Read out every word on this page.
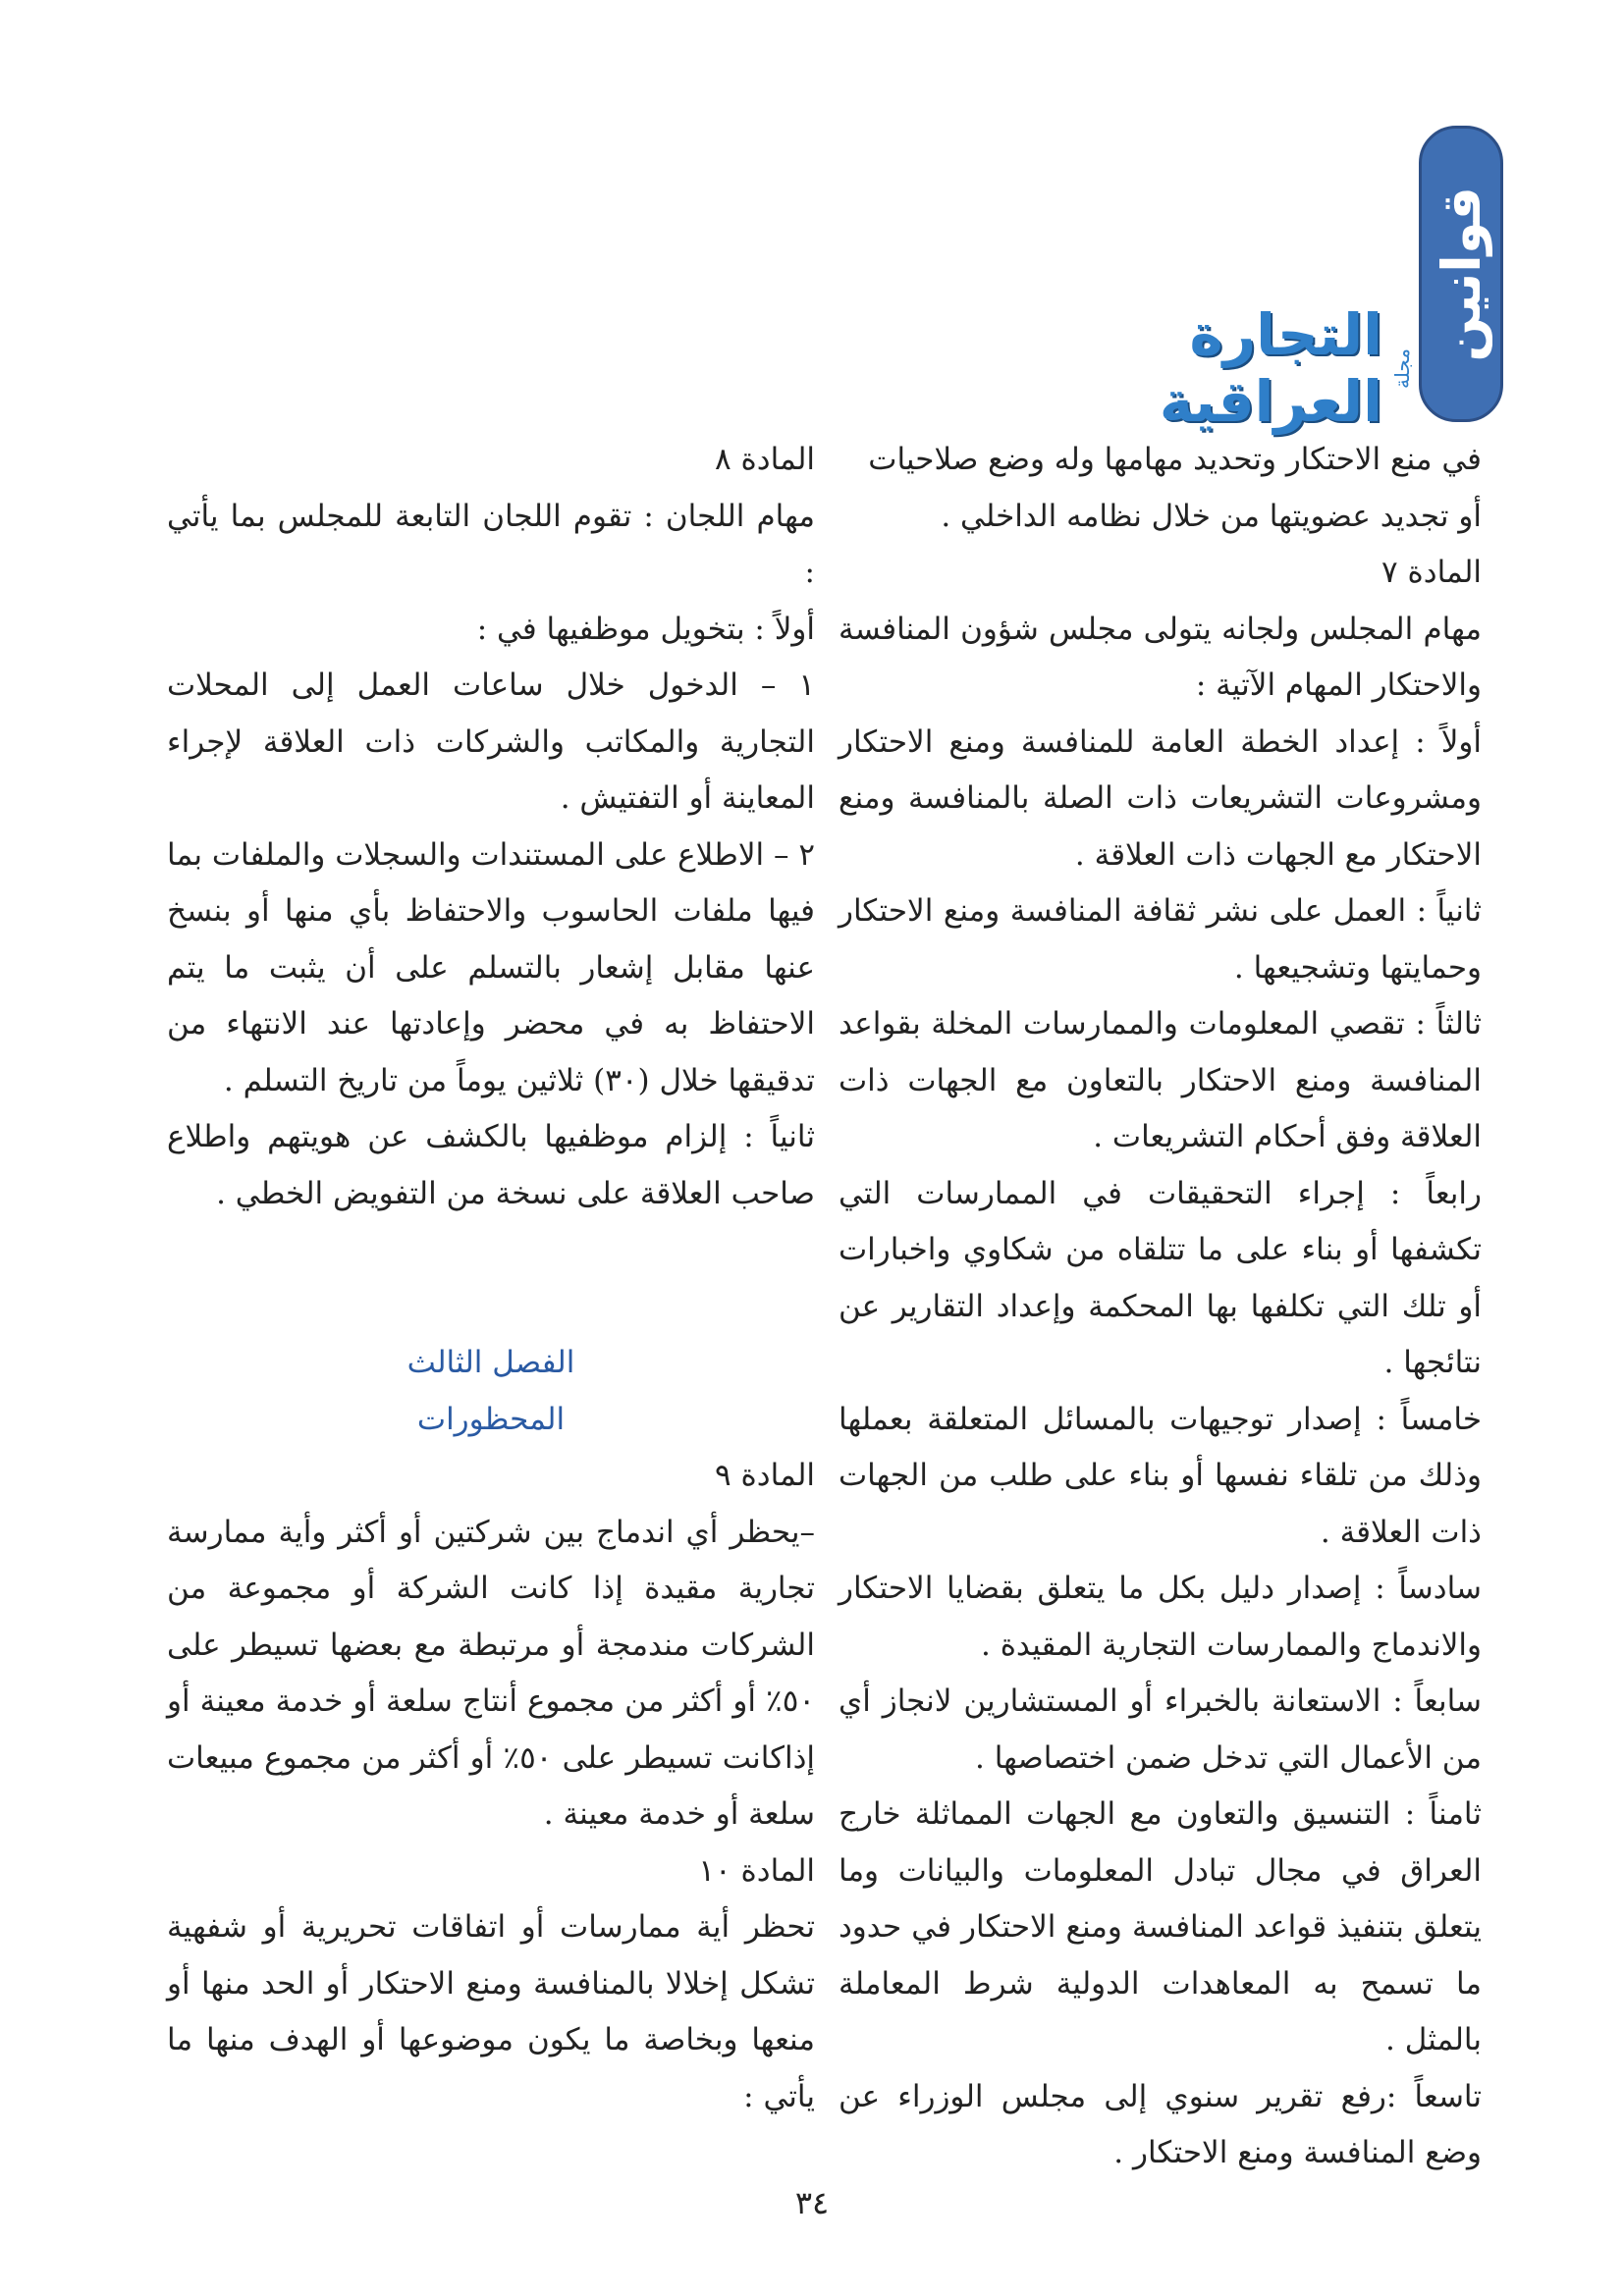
قوانين
مجلة
التجارة العراقية

في منع الاحتكار وتحديد مهامها وله وضع صلاحيات

أو تجديد عضويتها من خلال نظامه الداخلي .

المادة ٧

مهام المجلس ولجانه يتولى مجلس شؤون المنافسة والاحتكار المهام الآتية :

أولاً : إعداد الخطة العامة للمنافسة ومنع الاحتكار ومشروعات التشريعات ذات الصلة بالمنافسة ومنع الاحتكار مع الجهات ذات العلاقة .

ثانياً : العمل على نشر ثقافة المنافسة ومنع الاحتكار وحمايتها وتشجيعها .

ثالثاً : تقصي المعلومات والممارسات المخلة بقواعد المنافسة ومنع الاحتكار بالتعاون مع الجهات ذات العلاقة وفق أحكام التشريعات .

رابعاً : إجراء التحقيقات في الممارسات التي تكشفها أو بناء على ما تتلقاه من شكاوي واخبارات أو تلك التي تكلفها بها المحكمة وإعداد التقارير عن نتائجها .

خامساً : إصدار توجيهات بالمسائل المتعلقة بعملها وذلك من تلقاء نفسها أو بناء على طلب من الجهات ذات العلاقة .

سادساً : إصدار دليل بكل ما يتعلق بقضايا الاحتكار والاندماج والممارسات التجارية المقيدة .

سابعاً : الاستعانة بالخبراء أو المستشارين لانجاز أي من الأعمال التي تدخل ضمن اختصاصها .

ثامناً : التنسيق والتعاون مع الجهات المماثلة خارج العراق في مجال تبادل المعلومات والبيانات وما يتعلق بتنفيذ قواعد المنافسة ومنع الاحتكار في حدود ما تسمح به المعاهدات الدولية شرط المعاملة بالمثل .

تاسعاً :رفع تقرير سنوي إلى مجلس الوزراء عن وضع المنافسة ومنع الاحتكار .

المادة ٨

مهام اللجان : تقوم اللجان التابعة للمجلس بما يأتي :

أولاً : بتخويل موظفيها في :

١ – الدخول خلال ساعات العمل إلى المحلات التجارية والمكاتب والشركات ذات العلاقة لإجراء المعاينة أو التفتيش .

٢ – الاطلاع على المستندات والسجلات والملفات بما فيها ملفات الحاسوب والاحتفاظ بأي منها أو بنسخ عنها مقابل إشعار بالتسلم على أن يثبت ما يتم الاحتفاظ به في محضر وإعادتها عند الانتهاء من تدقيقها خلال (٣٠) ثلاثين يوماً من تاريخ التسلم .

ثانياً : إلزام موظفيها بالكشف عن هويتهم واطلاع صاحب العلاقة على نسخة من التفويض الخطي .

الفصل الثالث

المحظورات

المادة ٩

–يحظر أي اندماج بين شركتين أو أكثر وأية ممارسة تجارية مقيدة إذا كانت الشركة أو مجموعة من الشركات مندمجة أو مرتبطة مع بعضها تسيطر على ٥٠٪ أو أكثر من مجموع أنتاج سلعة أو خدمة معينة أو إذاكانت تسيطر على ٥٠٪ أو أكثر من مجموع مبيعات سلعة أو خدمة معينة .

المادة ١٠

تحظر أية ممارسات أو اتفاقات تحريرية أو شفهية تشكل إخلالا بالمنافسة ومنع الاحتكار أو الحد منها أو منعها وبخاصة ما يكون موضوعها أو الهدف منها ما يأتي :

٣٤
